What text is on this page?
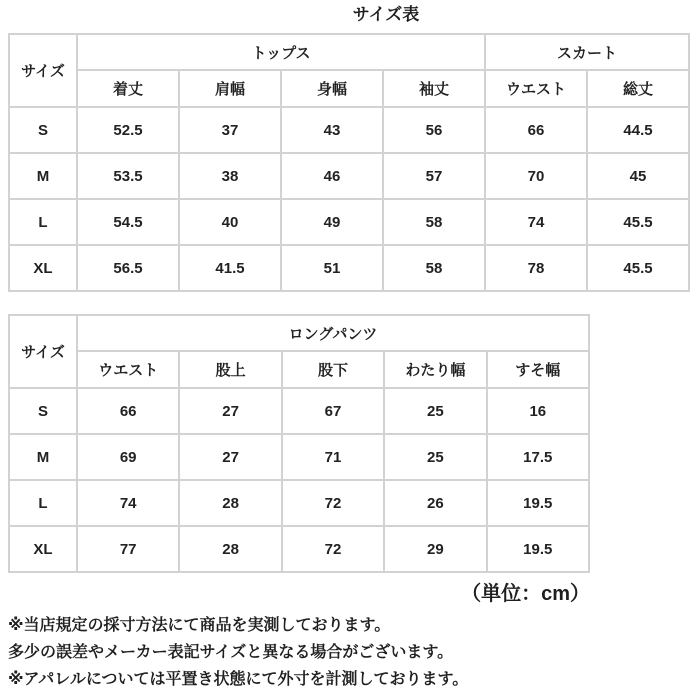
サイズ表
サイズ	トップス				スカート	
	着丈	肩幅	身幅	袖丈	ウエスト	総丈
S	52.5	37	43	56	66	44.5
M	53.5	38	46	57	70	45
L	54.5	40	49	58	74	45.5
XL	56.5	41.5	51	58	78	45.5
サイズ	ロングパンツ				
	ウエスト	股上	股下	わたり幅	すそ幅
S	66	27	67	25	16
M	69	27	71	25	17.5
L	74	28	72	26	19.5
XL	77	28	72	29	19.5
（単位：cm）

※当店規定の採寸方法にて商品を実測しております。

多少の誤差やメーカー表記サイズと異なる場合がございます。

※アパレルについては平置き状態にて外寸を計測しております。
